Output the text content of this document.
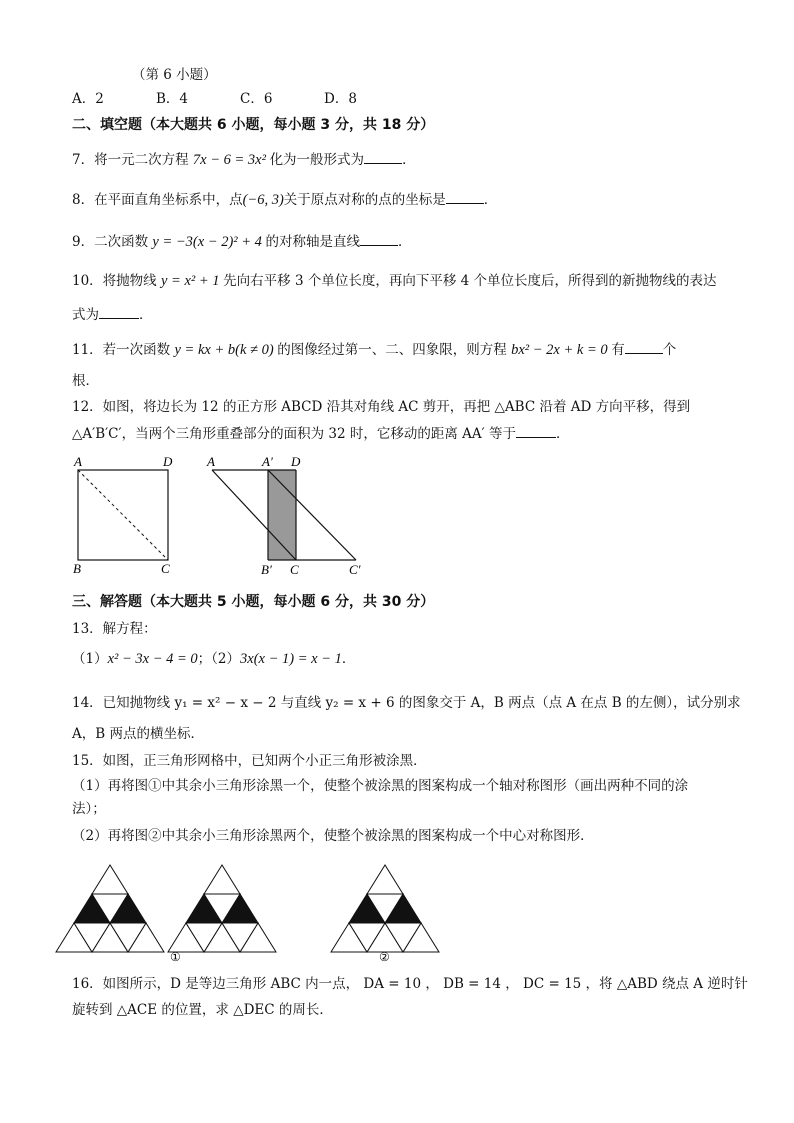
（第 6 小题）
A．2	B．4	C．6	D．8
二、填空题（本大题共 6 小题，每小题 3 分，共 18 分）
7．将一元二次方程 7x − 6 = 3x² 化为一般形式为	．
8．在平面直角坐标系中，点(−6, 3)关于原点对称的点的坐标是	．
9．二次函数 y = −3(x − 2)² + 4 的对称轴是直线	．
10．将抛物线 y = x² + 1 先向右平移 3 个单位长度，再向下平移 4 个单位长度后，所得到的新抛物线的表达
式为	．
11．若一次函数 y = kx + b(k ≠ 0) 的图像经过第一、二、四象限，则方程 bx² − 2x + k = 0 有	个
根．
12．如图，将边长为 12 的正方形 ABCD 沿其对角线 AC 剪开，再把 △ABC 沿着 AD 方向平移，得到
△A′B′C′，当两个三角形重叠部分的面积为 32 时，它移动的距离 AA′ 等于	．
A	D
B	C
A	A′ D
B′ C	C′
三、解答题（本大题共 5 小题，每小题 6 分，共 30 分）
13．解方程：
（1）x² − 3x − 4 = 0；（2）3x(x − 1) = x − 1．
14．已知抛物线 y₁ = x² − x − 2 与直线 y₂ = x + 6 的图象交于 A，B 两点（点 A 在点 B 的左侧），试分别求
A，B 两点的横坐标．
15．如图，正三角形网格中，已知两个小正三角形被涂黑．
（1）再将图①中其余小三角形涂黑一个，使整个被涂黑的图案构成一个轴对称图形（画出两种不同的涂
法）；
（2）再将图②中其余小三角形涂黑两个，使整个被涂黑的图案构成一个中心对称图形．
①	②
16．如图所示，D 是等边三角形 ABC 内一点， DA = 10 ， DB = 14 ， DC = 15 ，将 △ABD 绕点 A 逆时针
旋转到 △ACE 的位置，求 △DEC 的周长．
